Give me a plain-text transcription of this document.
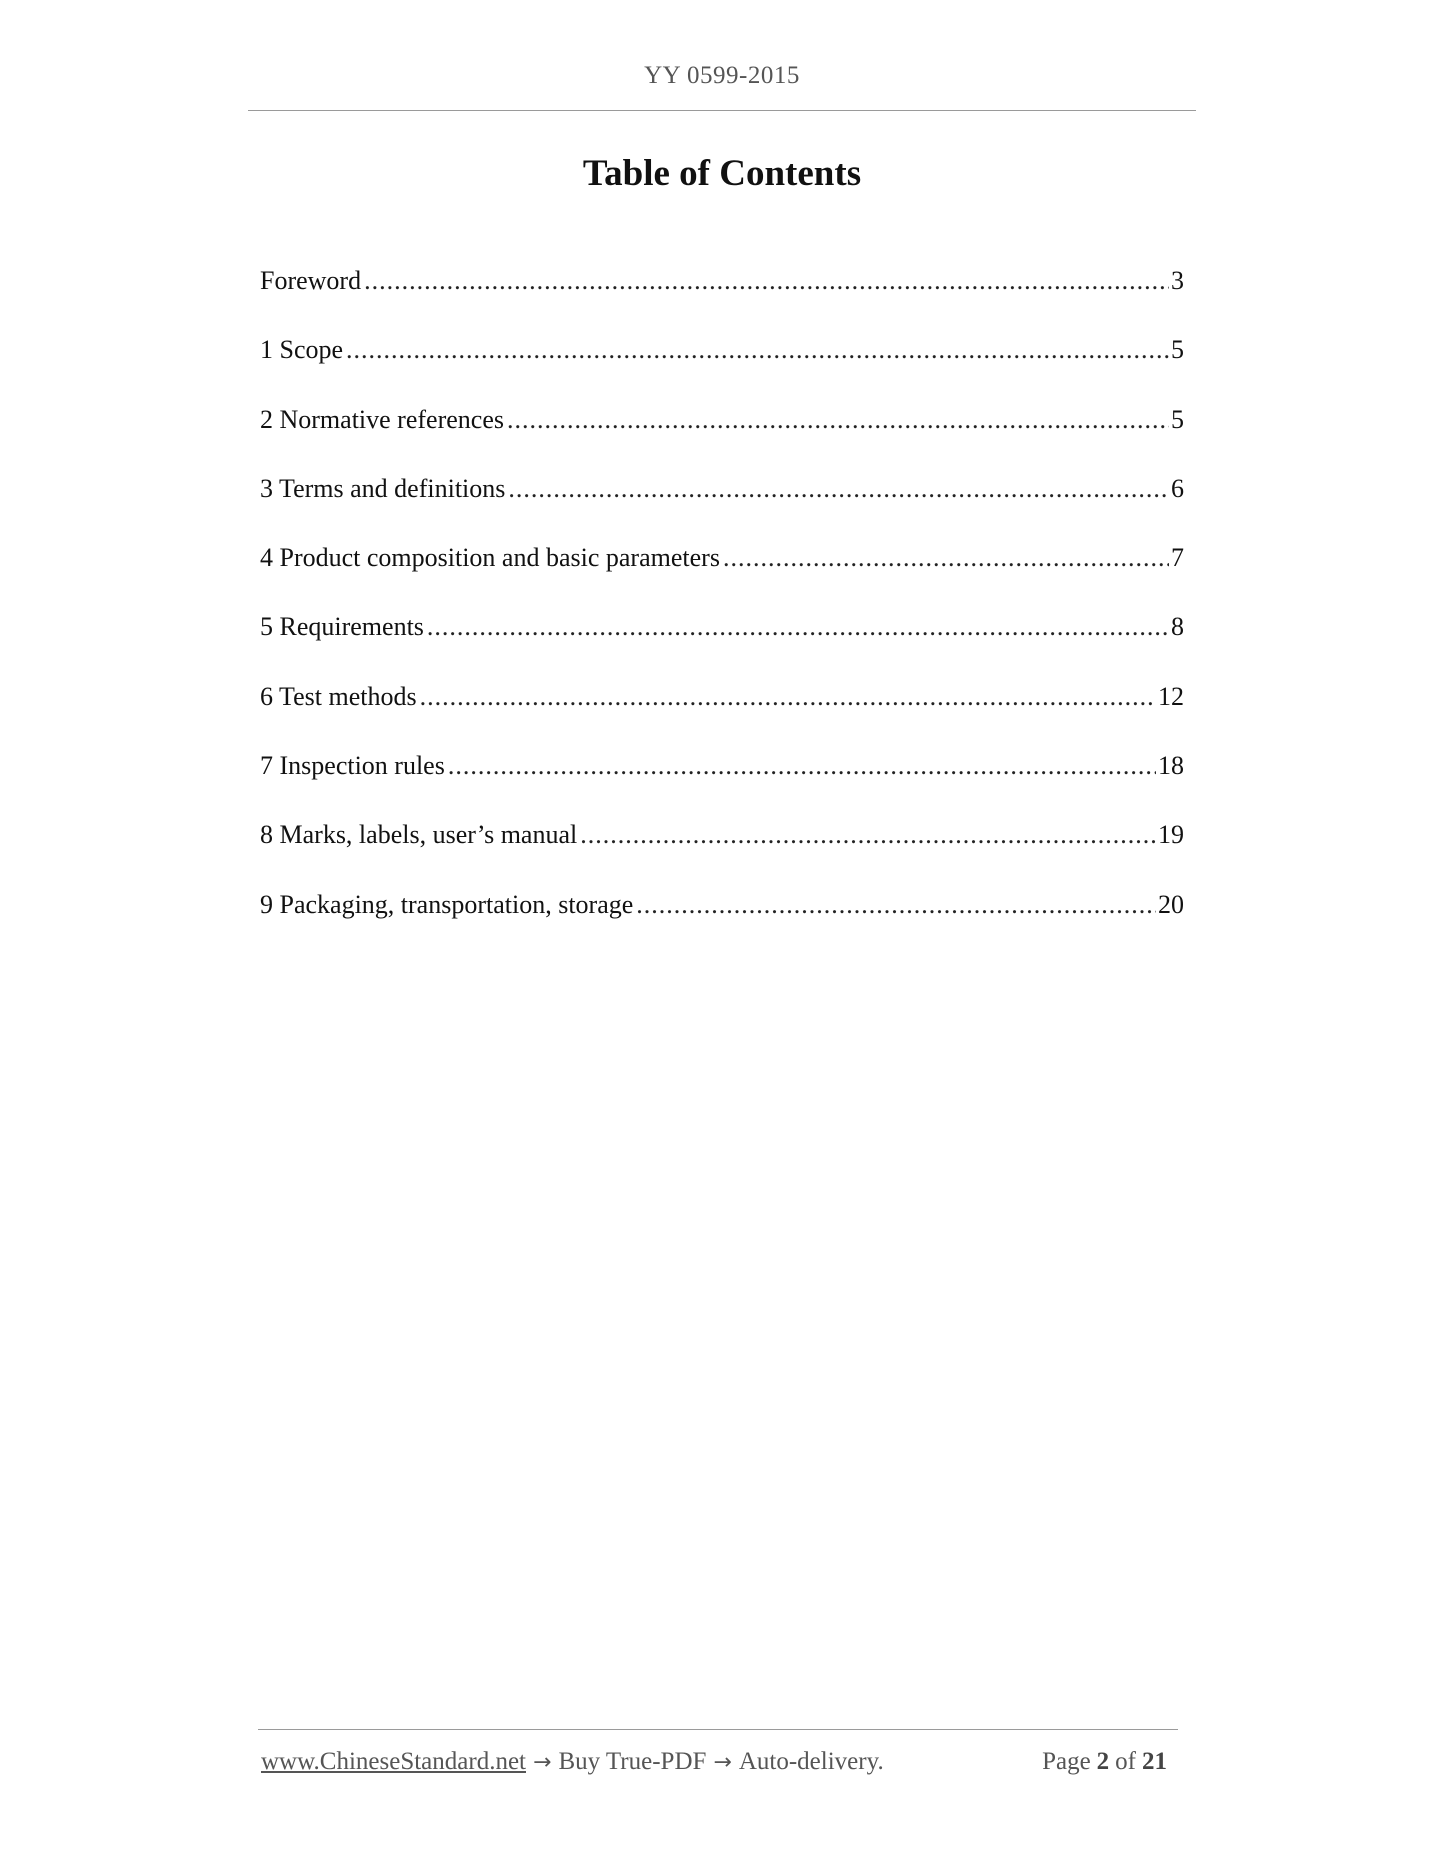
YY 0599-2015
Table of Contents
Foreword .....	3
1 Scope .....	5
2 Normative references .....	5
3 Terms and definitions .....	6
4 Product composition and basic parameters .....	7
5 Requirements .....	8
6 Test methods .....	12
7 Inspection rules .....	18
8 Marks, labels, user’s manual .....	19
9 Packaging, transportation, storage .....	20
www.ChineseStandard.net → Buy True-PDF → Auto-delivery.	Page 2 of 21
